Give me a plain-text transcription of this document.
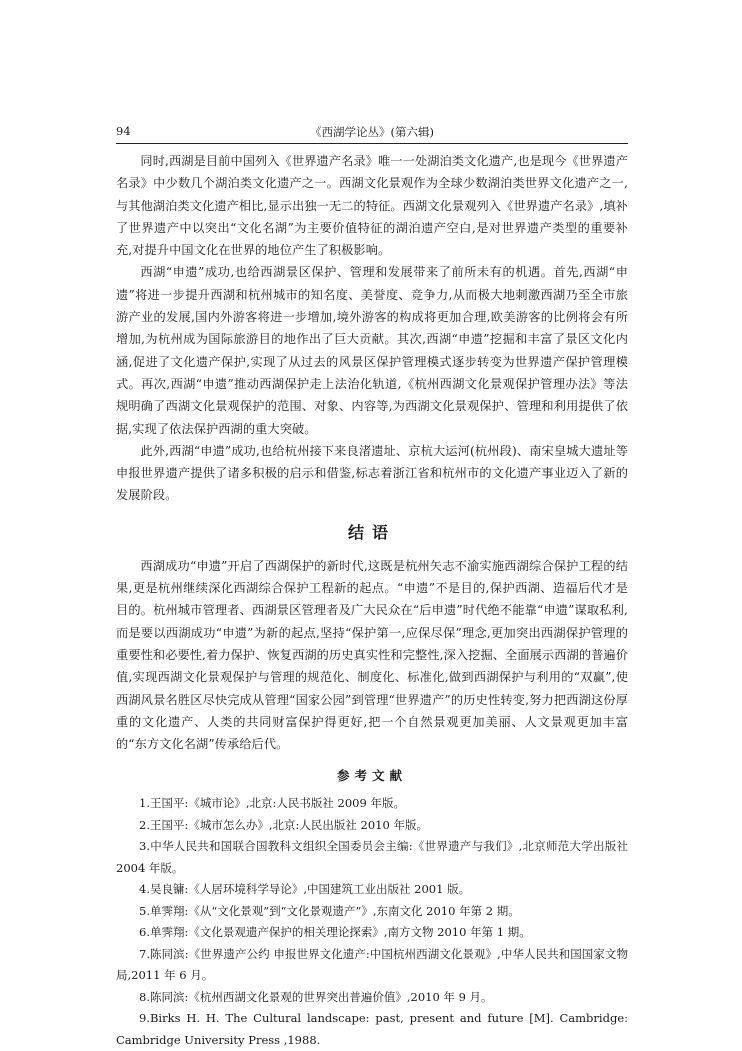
94	《西湖学论丛》(第六辑)

同时,西湖是目前中国列入《世界遗产名录》唯一一处湖泊类文化遗产,也是现今《世界遗产名录》中少数几个湖泊类文化遗产之一。西湖文化景观作为全球少数湖泊类世界文化遗产之一,与其他湖泊类文化遗产相比,显示出独一无二的特征。西湖文化景观列入《世界遗产名录》,填补了世界遗产中以突出“文化名湖”为主要价值特征的湖泊遗产空白,是对世界遗产类型的重要补充,对提升中国文化在世界的地位产生了积极影响。

西湖“申遗”成功,也给西湖景区保护、管理和发展带来了前所未有的机遇。首先,西湖“申遗”将进一步提升西湖和杭州城市的知名度、美誉度、竞争力,从而极大地刺激西湖乃至全市旅游产业的发展,国内外游客将进一步增加,境外游客的构成将更加合理,欧美游客的比例将会有所增加,为杭州成为国际旅游目的地作出了巨大贡献。其次,西湖“申遗”挖掘和丰富了景区文化内涵,促进了文化遗产保护,实现了从过去的风景区保护管理模式逐步转变为世界遗产保护管理模式。再次,西湖“申遗”推动西湖保护走上法治化轨道,《杭州西湖文化景观保护管理办法》等法规明确了西湖文化景观保护的范围、对象、内容等,为西湖文化景观保护、管理和利用提供了依据,实现了依法保护西湖的重大突破。

此外,西湖“申遗”成功,也给杭州接下来良渚遗址、京杭大运河(杭州段)、南宋皇城大遗址等申报世界遗产提供了诸多积极的启示和借鉴,标志着浙江省和杭州市的文化遗产事业迈入了新的发展阶段。

结语

西湖成功“申遗”开启了西湖保护的新时代,这既是杭州矢志不渝实施西湖综合保护工程的结果,更是杭州继续深化西湖综合保护工程新的起点。“申遗”不是目的,保护西湖、造福后代才是目的。杭州城市管理者、西湖景区管理者及广大民众在“后申遗”时代绝不能靠“申遗”谋取私利,而是要以西湖成功“申遗”为新的起点,坚持“保护第一,应保尽保”理念,更加突出西湖保护管理的重要性和必要性,着力保护、恢复西湖的历史真实性和完整性,深入挖掘、全面展示西湖的普遍价值,实现西湖文化景观保护与管理的规范化、制度化、标准化,做到西湖保护与利用的“双赢”,使西湖风景名胜区尽快完成从管理“国家公园”到管理“世界遗产”的历史性转变,努力把西湖这份厚重的文化遗产、人类的共同财富保护得更好,把一个自然景观更加美丽、人文景观更加丰富的“东方文化名湖”传承给后代。

参考文献

1.王国平:《城市论》,北京:人民书版社 2009 年版。

2.王国平:《城市怎么办》,北京:人民出版社 2010 年版。

3.中华人民共和国联合国教科文组织全国委员会主编:《世界遗产与我们》,北京师范大学出版社 2004 年版。

4.吴良镛:《人居环境科学导论》,中国建筑工业出版社 2001 版。

5.单霁翔:《从“文化景观”到“文化景观遗产”》,东南文化 2010 年第 2 期。

6.单霁翔:《文化景观遗产保护的相关理论探索》,南方文物 2010 年第 1 期。

7.陈同滨:《世界遗产公约 申报世界文化遗产:中国杭州西湖文化景观》,中华人民共和国国家文物局,2011 年 6 月。

8.陈同滨:《杭州西湖文化景观的世界突出普遍价值》,2010 年 9 月。

9.Birks H. H. The Cultural landscape: past, present and future [M]. Cambridge: Cambridge University Press ,1988.
